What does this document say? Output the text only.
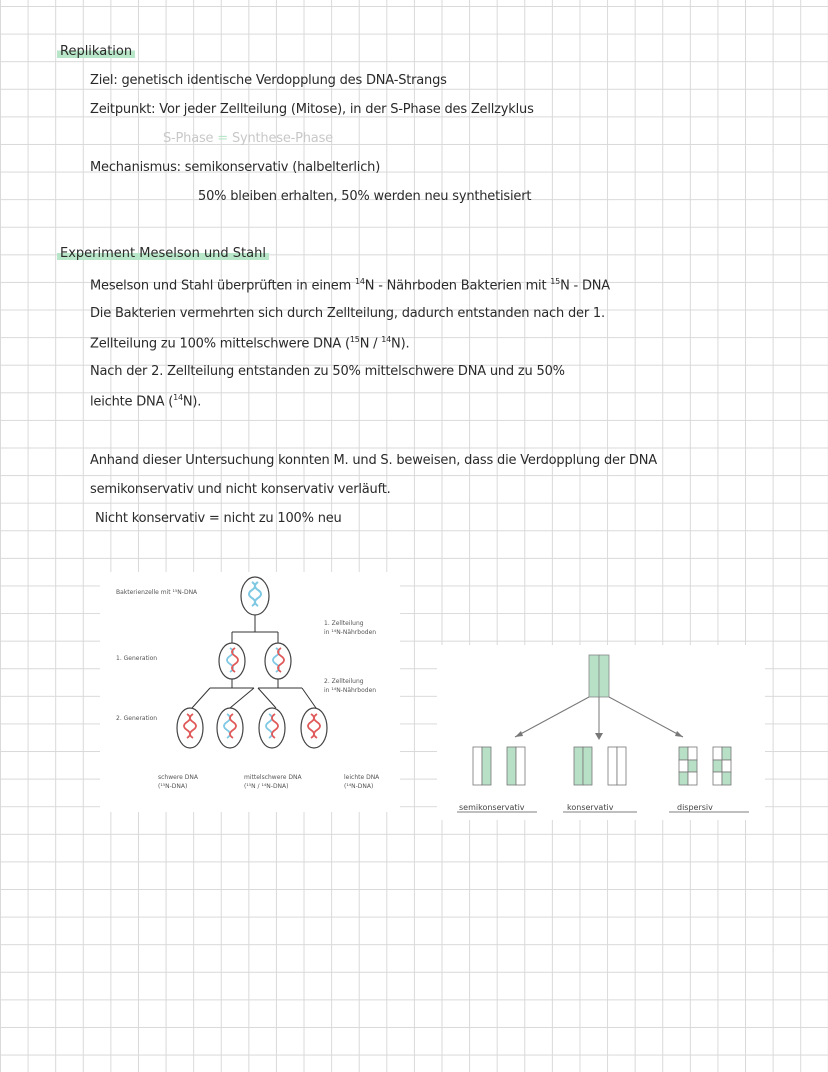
Replikation
Ziel: genetisch identische Verdopplung des DNA-Strangs
Zeitpunkt: Vor jeder Zellteilung (Mitose), in der S-Phase des Zellzyklus
S-Phase = Synthese-Phase
Mechanismus: semikonservativ (halbelterlich)
50% bleiben erhalten, 50% werden neu synthetisiert
Experiment Meselson und Stahl
Meselson und Stahl überprüften in einem $^{14}$N - Nährboden Bakterien mit $^{15}$N - DNA
Die Bakterien vermehrten sich durch Zellteilung, dadurch entstanden nach der 1.
Zellteilung zu 100% mittelschwere DNA ($^{15}$N / $^{14}$N).
Nach der 2. Zellteilung entstanden zu 50% mittelschwere DNA und zu 50%
leichte DNA ($^{14}$N).
Anhand dieser Untersuchung konnten M. und S. beweisen, dass die Verdopplung der DNA
semikonservativ und nicht konservativ verläuft.
Nicht konservativ = nicht zu 100% neu
Bakterienzelle mit ¹⁵N-DNA
1. Generation
2. Generation
1. Zellteilung
in ¹⁴N-Nährboden
2. Zellteilung
in ¹⁴N-Nährboden
schwere DNA
(¹⁵N-DNA)
mittelschwere DNA
(¹⁵N / ¹⁴N-DNA)
leichte DNA
(¹⁴N-DNA)
semikonservativ	konservativ	dispersiv
